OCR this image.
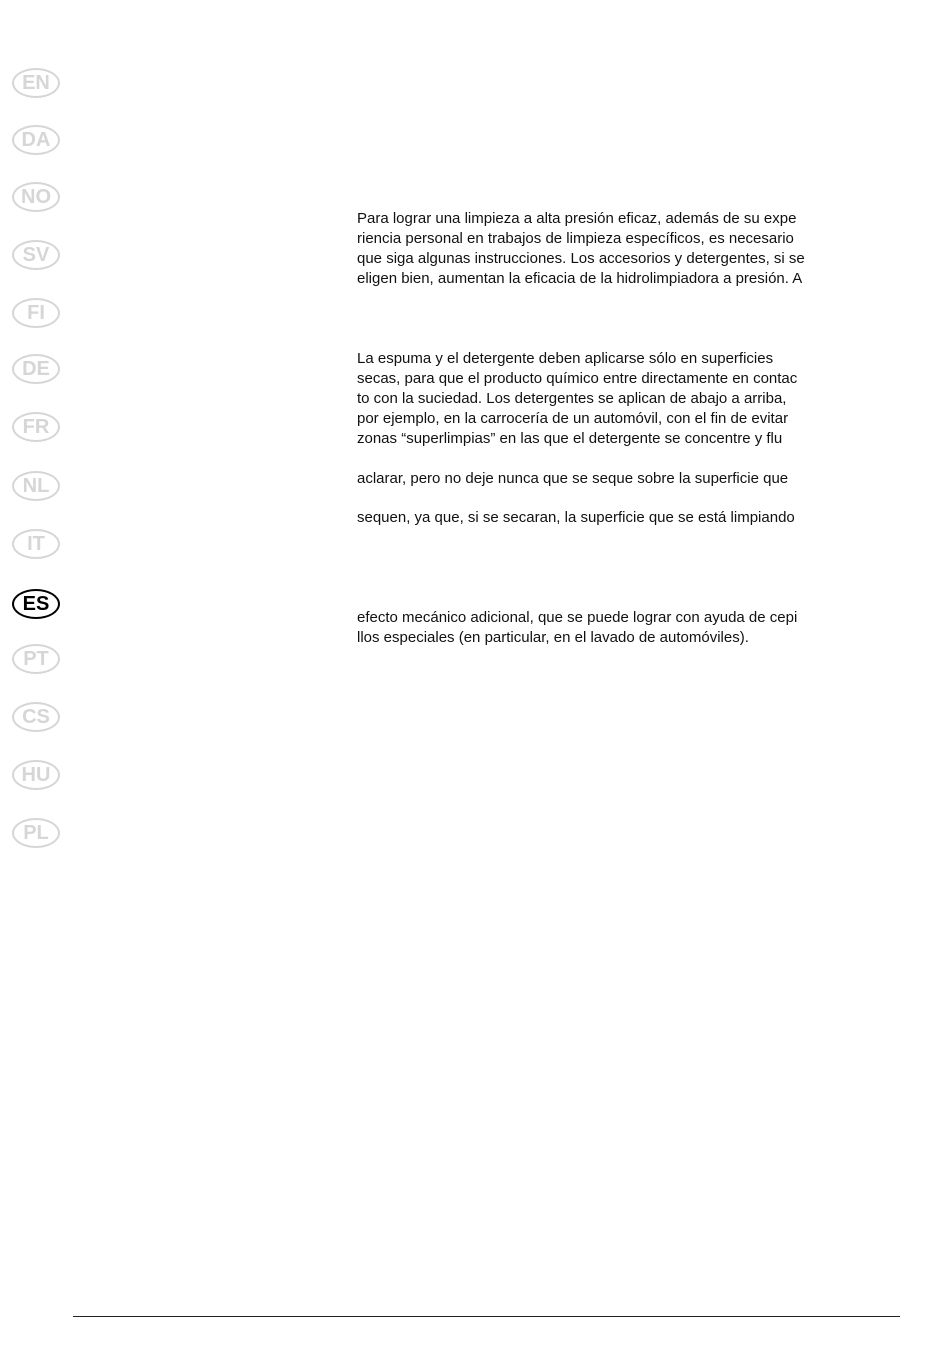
EN
DA
NO
SV
FI
DE
FR
NL
IT
ES
PT
CS
HU
PL
Para lograr una limpieza a alta presión eficaz, además de su expe
riencia personal en trabajos de limpieza específicos, es necesario
que siga algunas instrucciones. Los accesorios y detergentes, si se
eligen bien, aumentan la eficacia de la hidrolimpiadora a presión. A
La espuma y el detergente deben aplicarse sólo en superficies
secas, para que el producto químico entre directamente en contac
to con la suciedad. Los detergentes se aplican de abajo a arriba,
por ejemplo, en la carrocería de un automóvil, con el fin de evitar
zonas “superlimpias” en las que el detergente se concentre y flu
aclarar, pero no deje nunca que se seque sobre la superficie que
sequen, ya que, si se secaran, la superficie que se está limpiando
efecto mecánico adicional, que se puede lograr con ayuda de cepi
llos especiales (en particular, en el lavado de automóviles).
